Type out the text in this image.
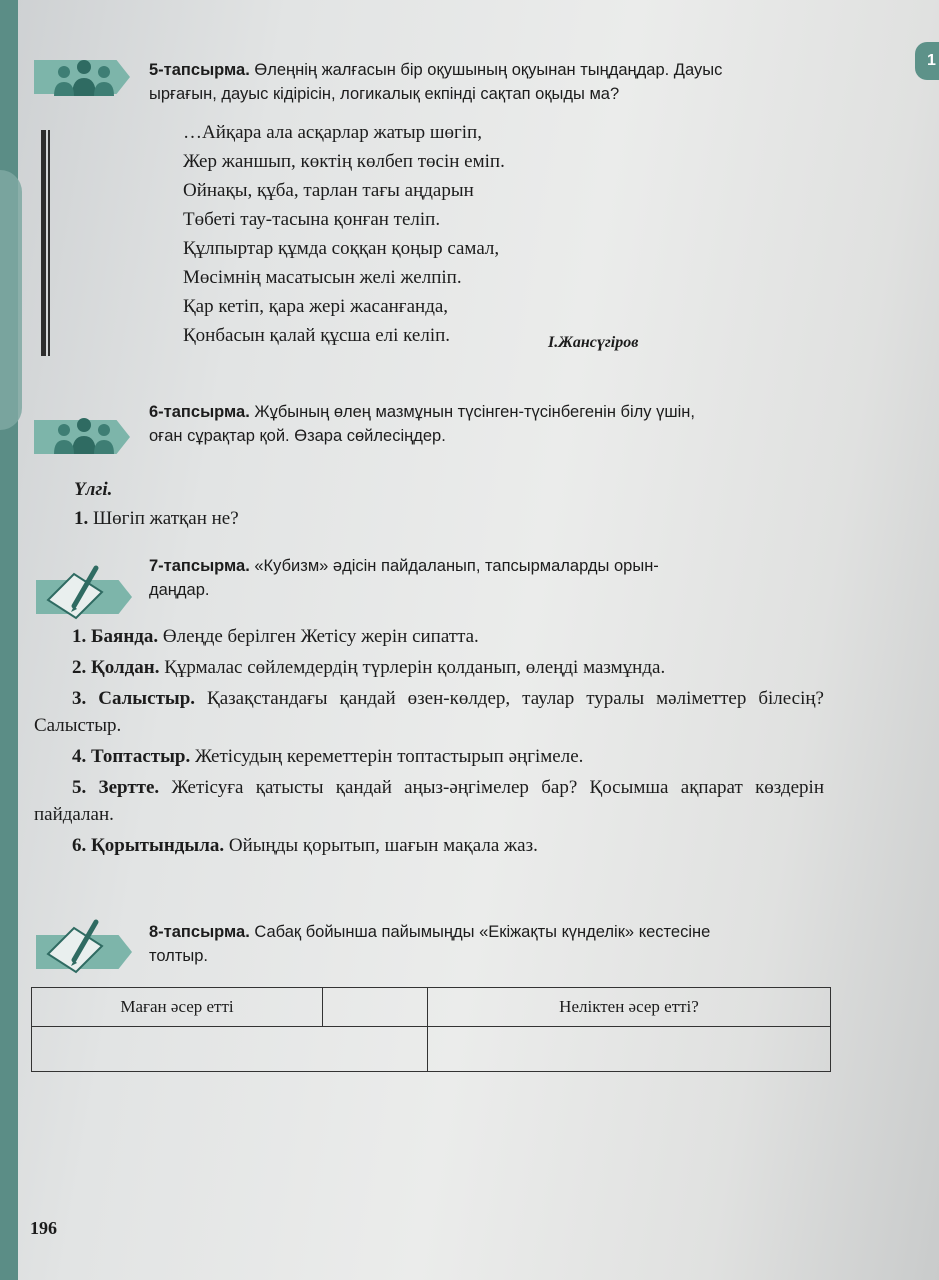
1
5-тапсырма. Өлеңнің жалғасын бір оқушының оқуынан тыңдаңдар. Дауыс
ырғағын, дауыс кідірісін, логикалық екпінді сақтап оқыды ма?
…Айқара ала асқарлар жатыр шөгіп,
Жер жаншып, көктің көлбеп төсін еміп.
Ойнақы, құба, тарлан тағы аңдарын
Төбеті тау-тасына қонған теліп.
Құлпыртар құмда соққан қоңыр самал,
Мөсімнің масатысын желі желпіп.
Қар кетіп, қара жері жасанғанда,
Қонбасын қалай құсша елі келіп.	І.Жансүгіров
6-тапсырма. Жұбының өлең мазмұнын түсінген-түсінбегенін білу үшін,
оған сұрақтар қой. Өзара сөйлесіңдер.
Үлгі.
1. Шөгіп жатқан не?
7-тапсырма. «Кубизм» әдісін пайдаланып, тапсырмаларды орын-
даңдар.
1. Баянда. Өлеңде берілген Жетісу жерін сипатта.
2. Қолдан. Құрмалас сөйлемдердің түрлерін қолданып, өлеңді мазмұнда.
3. Салыстыр. Қазақстандағы қандай өзен-көлдер, таулар туралы мәліметтер білесің? Салыстыр.
4. Топтастыр. Жетісудың кереметтерін топтастырып әңгімеле.
5. Зертте. Жетісуға қатысты қандай аңыз-әңгімелер бар? Қосымша ақпарат көздерін пайдалан.
6. Қорытындыла. Ойыңды қорытып, шағын мақала жаз.
8-тапсырма. Сабақ бойынша пайымыңды «Екіжақты күнделік» кестесіне
толтыр.
Маған әсер етті		Неліктен әсер етті?

196
